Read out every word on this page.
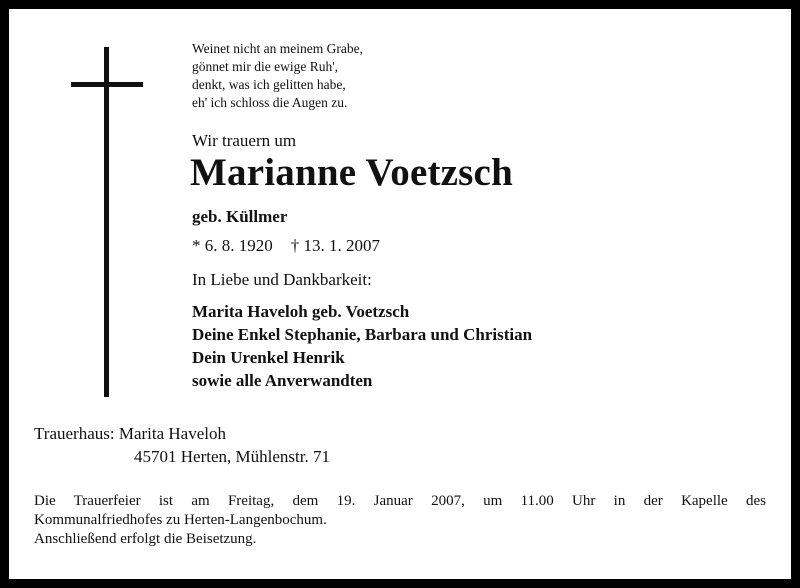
Weinet nicht an meinem Grabe,
gönnet mir die ewige Ruh',
denkt, was ich gelitten habe,
eh' ich schloss die Augen zu.
Wir trauern um
Marianne Voetzsch
geb. Küllmer
* 6. 8. 1920 † 13. 1. 2007
In Liebe und Dankbarkeit:
Marita Haveloh geb. Voetzsch
Deine Enkel Stephanie, Barbara und Christian
Dein Urenkel Henrik
sowie alle Anverwandten
Trauerhaus: Marita Haveloh
45701 Herten, Mühlenstr. 71
Die Trauerfeier ist am Freitag, dem 19. Januar 2007, um 11.00 Uhr in der Kapelle des
Kommunalfriedhofes zu Herten-Langenbochum.
Anschließend erfolgt die Beisetzung.
